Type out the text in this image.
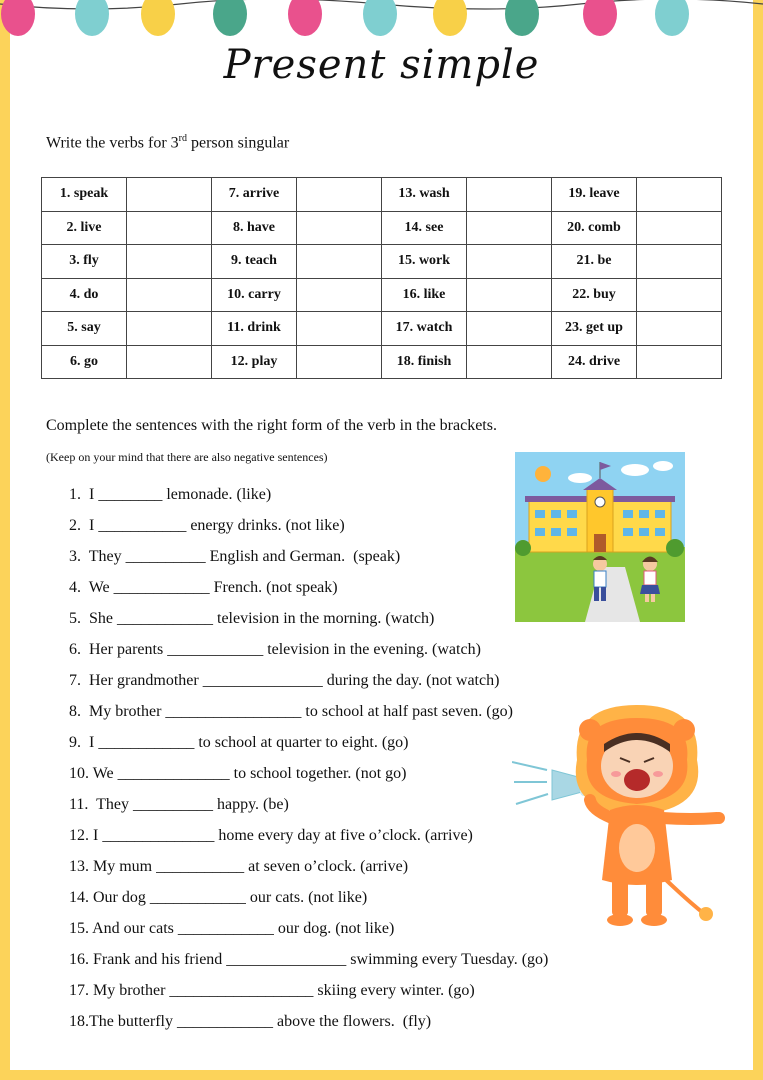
Present simple
Write the verbs for 3rd person singular
1. speak		7. arrive		13. wash		19. leave	
2. live		8. have		14. see		20. comb	
3. fly		9. teach		15. work		21. be	
4. do		10. carry		16. like		22. buy	
5. say		11. drink		17. watch		23. get up	
6. go		12. play		18. finish		24. drive	
Complete the sentences with the right form of the verb in the brackets.
(Keep on your mind that there are also negative sentences)
1.  I ________ lemonade. (like)
2.  I ___________ energy drinks. (not like)
3.  They __________ English and German.  (speak)
4.  We ____________ French. (not speak)
5.  She ____________ television in the morning. (watch)
6.  Her parents ____________ television in the evening. (watch)
7.  Her grandmother _______________ during the day. (not watch)
8.  My brother _________________ to school at half past seven. (go)
9.  I ____________ to school at quarter to eight. (go)
10. We ______________ to school together. (not go)
11.  They __________ happy. (be)
12. I ______________ home every day at five o’clock. (arrive)
13. My mum ___________ at seven o’clock. (arrive)
14. Our dog ____________ our cats. (not like)
15. And our cats ____________ our dog. (not like)
16. Frank and his friend _______________ swimming every Tuesday. (go)
17. My brother __________________ skiing every winter. (go)
18.The butterfly ____________ above the flowers.  (fly)
